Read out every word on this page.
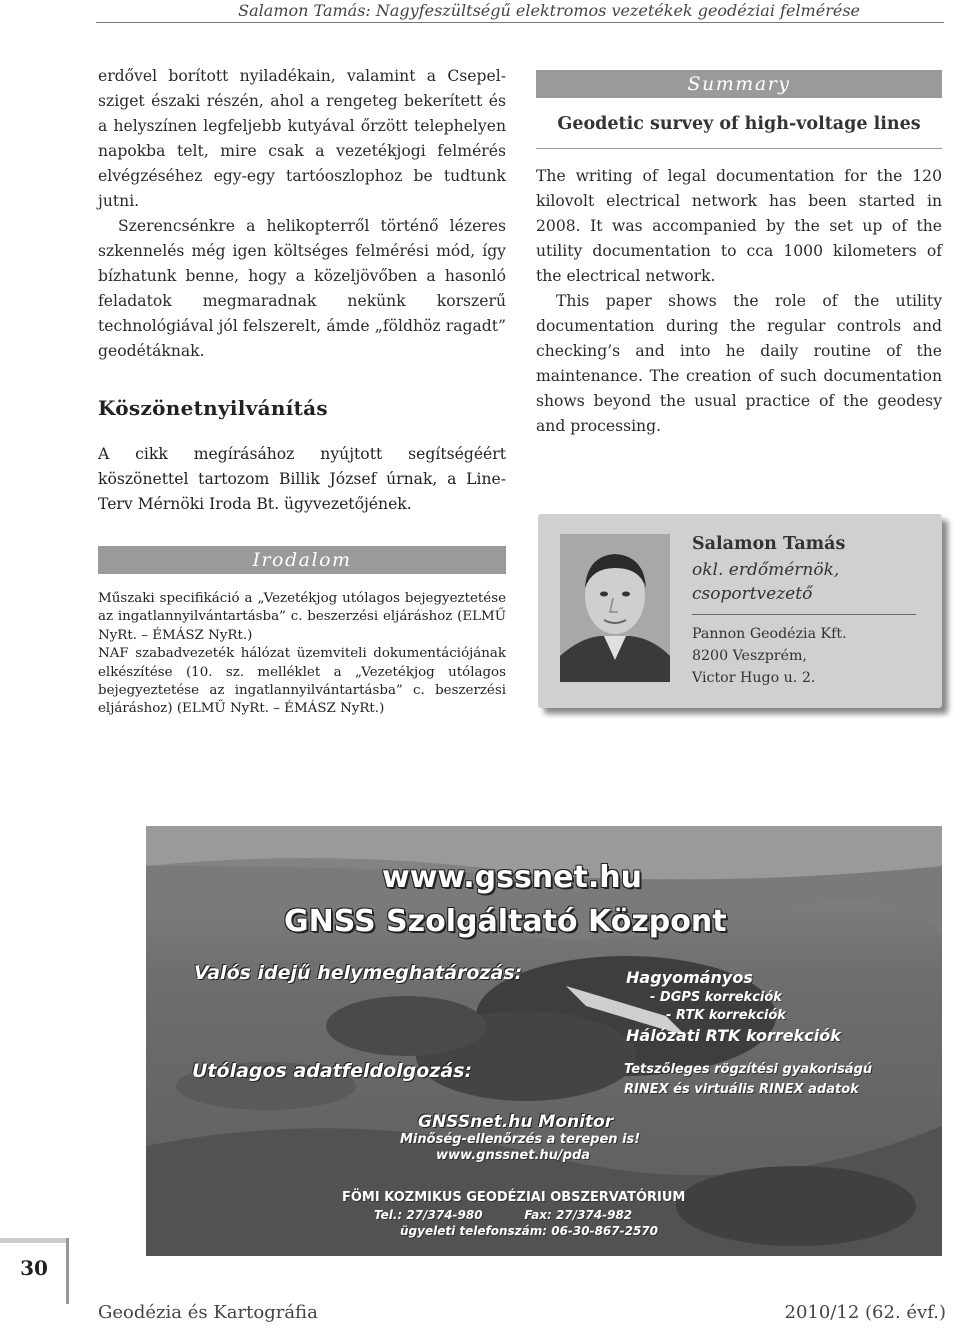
Salamon Tamás: Nagyfeszültségű elektromos vezetékek geodéziai felmérése

erdővel borított nyiladékain, valamint a Csepel-sziget északi részén, ahol a rengeteg bekerített és a helyszínen legfeljebb kutyával őrzött telephelyen napokba telt, mire csak a vezetékjogi felmérés elvégzéséhez egy-egy tartóoszlophoz be tudtunk jutni.

Szerencsénkre a helikopterről történő lézeres szkennelés még igen költséges felmérési mód, így bízhatunk benne, hogy a közeljövőben a hasonló feladatok megmaradnak nekünk korszerű technológiával jól felszerelt, ámde „földhöz ragadt” geodétáknak.

Köszönetnyilvánítás
A cikk megírásához nyújtott segítségéért köszönettel tartozom Billik József úrnak, a Line-Terv Mérnöki Iroda Bt. ügyvezetőjének.
Irodalom

Műszaki specifikáció a „Vezetékjog utólagos bejegyeztetése az ingatlannyilvántartásba” c. beszerzési eljáráshoz (ELMŰ NyRt. – ÉMÁSZ NyRt.)

NAF szabadvezeték hálózat üzemviteli dokumentációjának elkészítése (10. sz. melléklet a „Vezetékjog utólagos bejegyeztetése az ingatlannyilvántartásba” c. beszerzési eljáráshoz) (ELMŰ NyRt. – ÉMÁSZ NyRt.)

Summary
Geodetic survey of high-voltage lines

The writing of legal documentation for the 120 kilovolt electrical network has been started in 2008. It was accompanied by the set up of the utility documentation to cca 1000 kilometers of the electrical network.

This paper shows the role of the utility documentation during the regular controls and checking’s and into he daily routine of the maintenance. The creation of such documentation shows beyond the usual practice of the geodesy and processing.

Salamon Tamás
okl. erdőmérnök,
csoportvezető
Pannon Geodézia Kft.
8200 Veszprém,
Victor Hugo u. 2.
www.gssnet.hu
GNSS Szolgáltató Központ
Valós idejű helymeghatározás:	Hagyományos
- DGPS korrekciók
- RTK korrekciók
Hálózati RTK korrekciók
Utólagos adatfeldolgozás:	Tetszőleges rögzítési gyakoriságú
RINEX és virtuális RINEX adatok
GNSSnet.hu Monitor
Minőség-ellenőrzés a terepen is!
www.gnssnet.hu/pda
FÖMI KOZMIKUS GEODÉZIAI OBSZERVATÓRIUM
Tel.: 27/374-980          Fax: 27/374-982
ügyeleti telefonszám: 06-30-867-2570
30
Geodézia és Kartográfia	2010/12 (62. évf.)
